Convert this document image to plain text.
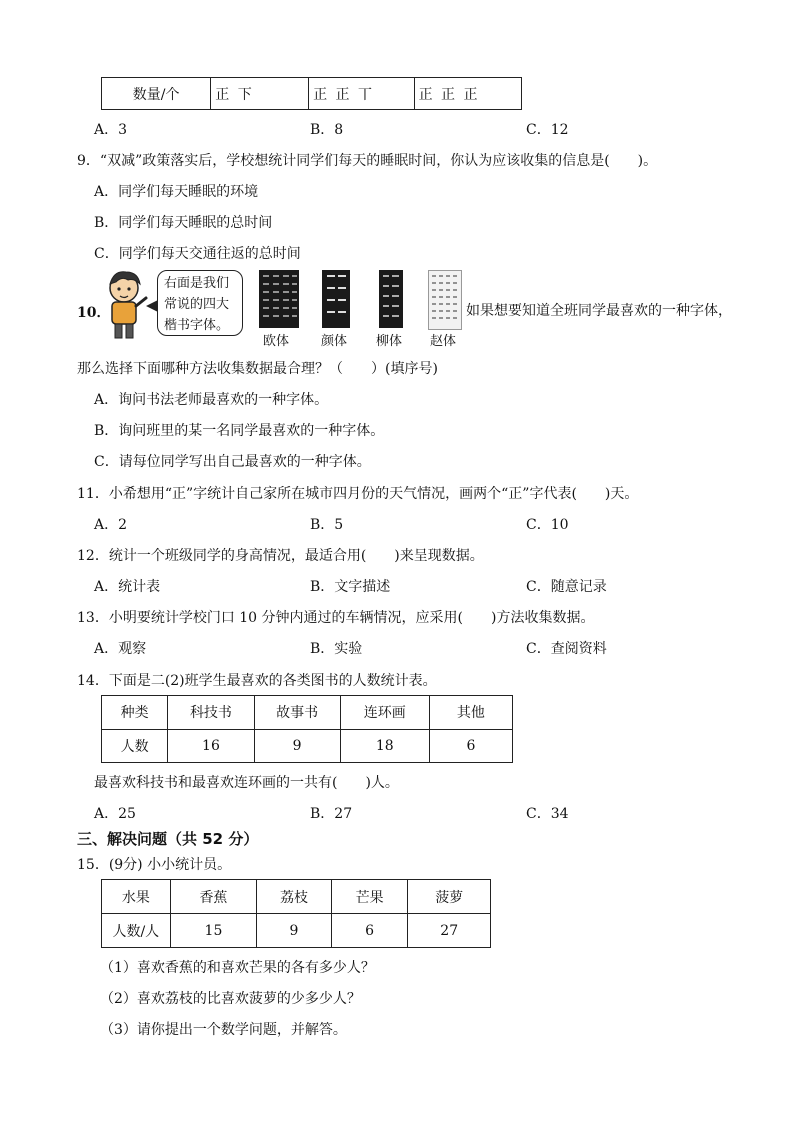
数量/个	正 下	正 正 丅	正 正 正
A．3	B．8	C．12
9．“双减”政策落实后，学校想统计同学们每天的睡眠时间，你认为应该收集的信息是(　　)。
A．同学们每天睡眠的环境
B．同学们每天睡眠的总时间
C．同学们每天交通往返的总时间
10．
右面是我们常说的四大楷书字体。
欧体 颜体 柳体 赵体
如果想要知道全班同学最喜欢的一种字体，
那么选择下面哪种方法收集数据最合理？（　　）(填序号)
A．询问书法老师最喜欢的一种字体。
B．询问班里的某一名同学最喜欢的一种字体。
C．请每位同学写出自己最喜欢的一种字体。
11．小希想用“正”字统计自己家所在城市四月份的天气情况，画两个“正”字代表(　　)天。
A．2	B．5	C．10
12．统计一个班级同学的身高情况，最适合用(　　)来呈现数据。
A．统计表	B．文字描述	C．随意记录
13．小明要统计学校门口 10 分钟内通过的车辆情况，应采用(　　)方法收集数据。
A．观察	B．实验	C．查阅资料
14．下面是二(2)班学生最喜欢的各类图书的人数统计表。
种类	科技书	故事书	连环画	其他
人数	16	9	18	6
最喜欢科技书和最喜欢连环画的一共有(　　)人。
A．25	B．27	C．34
三、解决问题（共 52 分）
15．(9分) 小小统计员。
水果	香蕉	荔枝	芒果	菠萝
人数/人	15	9	6	27
（1）喜欢香蕉的和喜欢芒果的各有多少人？
（2）喜欢荔枝的比喜欢菠萝的少多少人？
（3）请你提出一个数学问题，并解答。
